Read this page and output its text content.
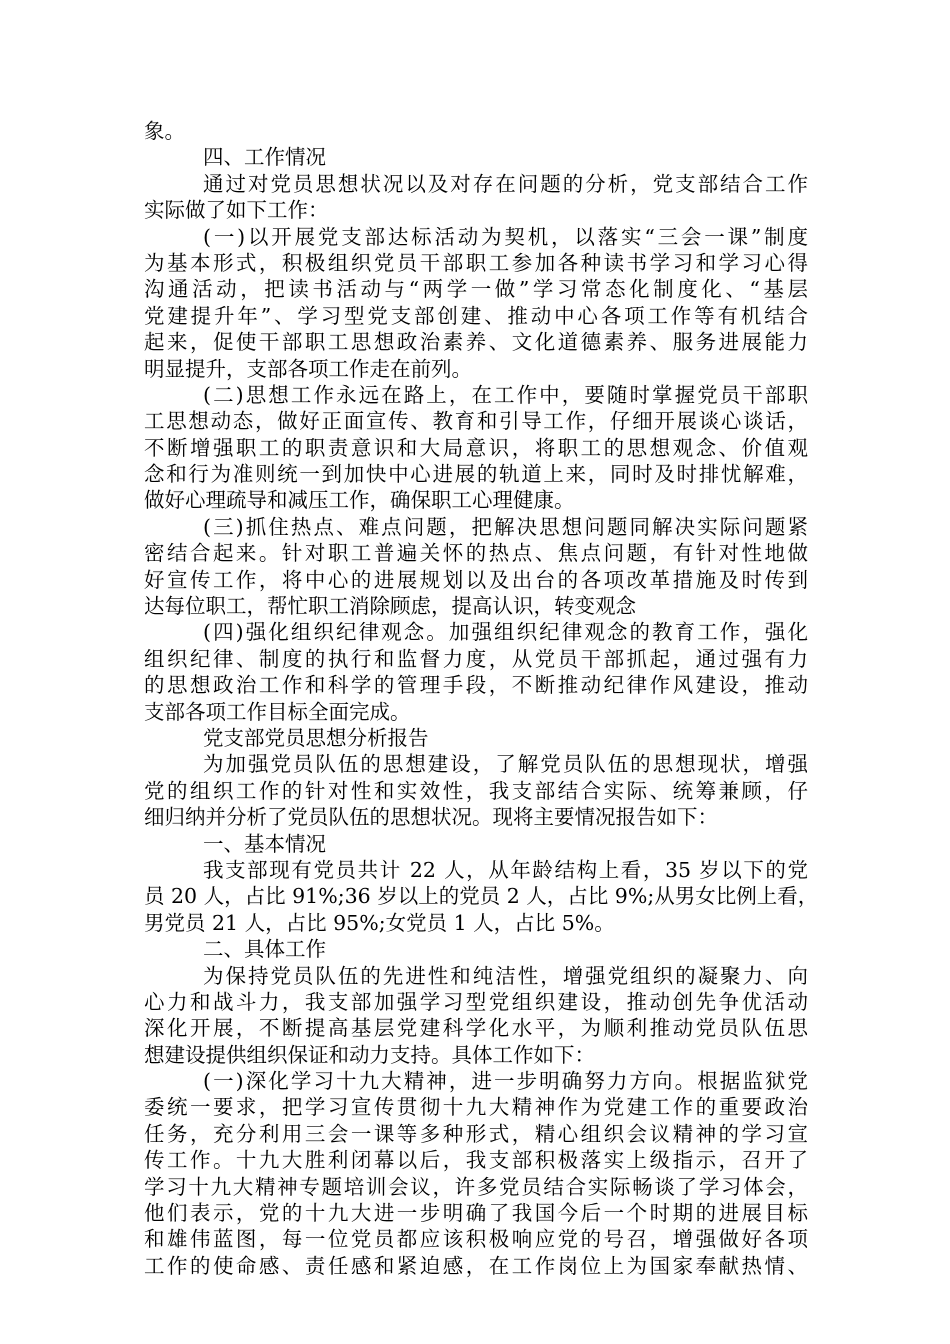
象。
四、工作情况
通过对党员思想状况以及对存在问题的分析，党支部结合工作
实际做了如下工作：
(一)以开展党支部达标活动为契机，以落实“三会一课”制度
为基本形式，积极组织党员干部职工参加各种读书学习和学习心得
沟通活动，把读书活动与“两学一做”学习常态化制度化、“基层
党建提升年”、学习型党支部创建、推动中心各项工作等有机结合
起来，促使干部职工思想政治素养、文化道德素养、服务进展能力
明显提升，支部各项工作走在前列。
(二)思想工作永远在路上，在工作中，要随时掌握党员干部职
工思想动态，做好正面宣传、教育和引导工作，仔细开展谈心谈话，
不断增强职工的职责意识和大局意识，将职工的思想观念、价值观
念和行为准则统一到加快中心进展的轨道上来，同时及时排忧解难，
做好心理疏导和减压工作，确保职工心理健康。
(三)抓住热点、难点问题，把解决思想问题同解决实际问题紧
密结合起来。针对职工普遍关怀的热点、焦点问题，有针对性地做
好宣传工作，将中心的进展规划以及出台的各项改革措施及时传到
达每位职工，帮忙职工消除顾虑，提高认识，转变观念
(四)强化组织纪律观念。加强组织纪律观念的教育工作，强化
组织纪律、制度的执行和监督力度，从党员干部抓起，通过强有力
的思想政治工作和科学的管理手段，不断推动纪律作风建设，推动
支部各项工作目标全面完成。
党支部党员思想分析报告
为加强党员队伍的思想建设，了解党员队伍的思想现状，增强
党的组织工作的针对性和实效性，我支部结合实际、统筹兼顾，仔
细归纳并分析了党员队伍的思想状况。现将主要情况报告如下：
一、基本情况
我支部现有党员共计 22 人，从年龄结构上看，35 岁以下的党
员 20 人，占比 91%;36 岁以上的党员 2 人，占比 9%;从男女比例上看，
男党员 21 人，占比 95%;女党员 1 人，占比 5%。
二、具体工作
为保持党员队伍的先进性和纯洁性，增强党组织的凝聚力、向
心力和战斗力，我支部加强学习型党组织建设，推动创先争优活动
深化开展，不断提高基层党建科学化水平，为顺利推动党员队伍思
想建设提供组织保证和动力支持。具体工作如下：
(一)深化学习十九大精神，进一步明确努力方向。根据监狱党
委统一要求，把学习宣传贯彻十九大精神作为党建工作的重要政治
任务，充分利用三会一课等多种形式，精心组织会议精神的学习宣
传工作。十九大胜利闭幕以后，我支部积极落实上级指示，召开了
学习十九大精神专题培训会议，许多党员结合实际畅谈了学习体会，
他们表示，党的十九大进一步明确了我国今后一个时期的进展目标
和雄伟蓝图，每一位党员都应该积极响应党的号召，增强做好各项
工作的使命感、责任感和紧迫感，在工作岗位上为国家奉献热情、
